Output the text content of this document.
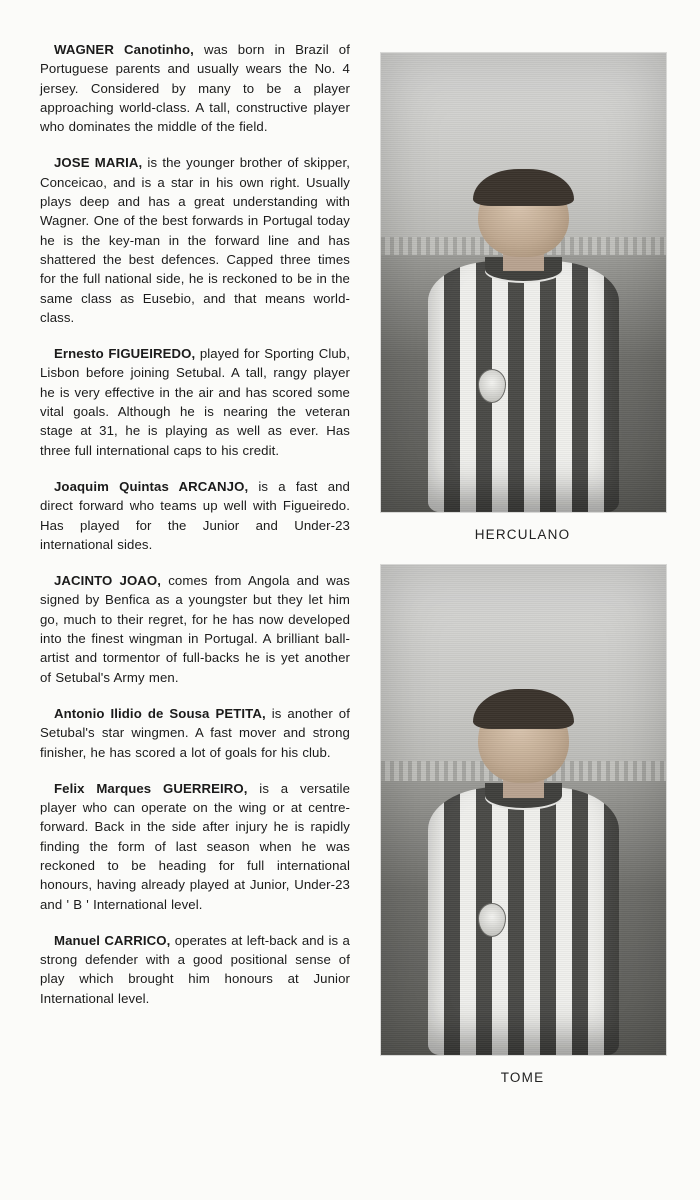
WAGNER Canotinho, was born in Brazil of Portuguese parents and usually wears the No. 4 jersey. Considered by many to be a player approaching world-class. A tall, constructive player who dominates the middle of the field.

JOSE MARIA, is the younger brother of skipper, Conceicao, and is a star in his own right. Usually plays deep and has a great understanding with Wagner. One of the best forwards in Portugal today he is the key-man in the forward line and has shattered the best defences. Capped three times for the full national side, he is reckoned to be in the same class as Eusebio, and that means world-class.

Ernesto FIGUEIREDO, played for Sporting Club, Lisbon before joining Setubal. A tall, rangy player he is very effective in the air and has scored some vital goals. Although he is nearing the veteran stage at 31, he is playing as well as ever. Has three full international caps to his credit.

Joaquim Quintas ARCANJO, is a fast and direct forward who teams up well with Figueiredo. Has played for the Junior and Under-23 international sides.

JACINTO JOAO, comes from Angola and was signed by Benfica as a youngster but they let him go, much to their regret, for he has now developed into the finest wingman in Portugal. A brilliant ball-artist and tormentor of full-backs he is yet another of Setubal's Army men.

Antonio Ilidio de Sousa PETITA, is another of Setubal's star wingmen. A fast mover and strong finisher, he has scored a lot of goals for his club.

Felix Marques GUERREIRO, is a versatile player who can operate on the wing or at centre-forward. Back in the side after injury he is rapidly finding the form of last season when he was reckoned to be heading for full international honours, having already played at Junior, Under-23 and ' B ' International level.

Manuel CARRICO, operates at left-back and is a strong defender with a good positional sense of play which brought him honours at Junior International level.

HERCULANO
TOME
